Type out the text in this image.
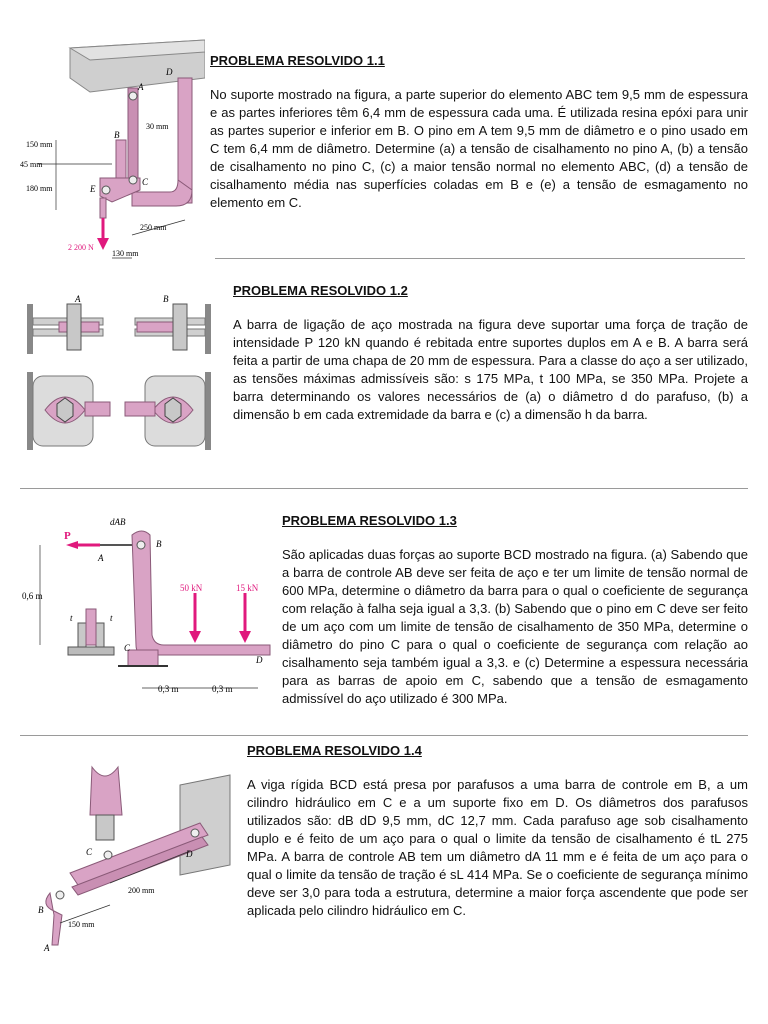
A
B
C
D
E
150 mm
45 mm
180 mm
30 mm
250 mm
130 mm
2 200 N

PROBLEMA RESOLVIDO 1.1

No suporte mostrado na figura, a parte superior do elemento ABC tem 9,5 mm de espessura e as partes inferiores têm 6,4 mm de espessura cada uma. É utilizada resina epóxi para unir as partes superior e inferior em B. O pino em A tem 9,5 mm de diâmetro e o pino usado em C tem 6,4 mm de diâmetro. Determine (a) a tensão de cisalhamento no pino A, (b) a tensão de cisalhamento no pino C, (c) a maior tensão normal no elemento ABC, (d) a tensão de cisalhamento média nas superfícies coladas em B e (e) a tensão de esmagamento no elemento em C.

A	B

PROBLEMA RESOLVIDO 1.2

A barra de ligação de aço mostrada na figura deve suportar uma força de tração de intensidade P 120 kN quando é rebitada entre suportes duplos em A e B. A barra será feita a partir de uma chapa de 20 mm de espessura. Para a classe do aço a ser utilizado, as tensões máximas admissíveis são: s 175 MPa, t 100 MPa, se 350 MPa. Projete a barra determinando os valores necessários de (a) o diâmetro d do parafuso, (b) a dimensão b em cada extremidade da barra e (c) a dimensão h da barra.

P
dAB
A
B
C
D
t	t
0,6 m
0,3 m	0,3 m
50 kN	15 kN

PROBLEMA RESOLVIDO 1.3

São aplicadas duas forças ao suporte BCD mostrado na figura. (a) Sabendo que a barra de controle AB deve ser feita de aço e ter um limite de tensão normal de 600 MPa, determine o diâmetro da barra para o qual o coeficiente de segurança com relação à falha seja igual a 3,3. (b) Sabendo que o pino em C deve ser feito de um aço com um limite de tensão de cisalhamento de 350 MPa, determine o diâmetro do pino C para o qual o coeficiente de segurança com relação ao cisalhamento seja também igual a 3,3. e (c) Determine a espessura necessária para as barras de apoio em C, sabendo que a tensão de esmagamento admissível do aço utilizado é 300 MPa.

A
B
C	D
200 mm
150 mm

PROBLEMA RESOLVIDO 1.4

A viga rígida BCD está presa por parafusos a uma barra de controle em B, a um cilindro hidráulico em C e a um suporte fixo em D. Os diâmetros dos parafusos utilizados são: dB dD 9,5 mm, dC 12,7 mm. Cada parafuso age sob cisalhamento duplo e é feito de um aço para o qual o limite da tensão de cisalhamento é tL 275 MPa. A barra de controle AB tem um diâmetro dA 11 mm e é feita de um aço para o qual o limite da tensão de tração é sL 414 MPa. Se o coeficiente de segurança mínimo deve ser 3,0 para toda a estrutura, determine a maior força ascendente que pode ser aplicada pelo cilindro hidráulico em C.
